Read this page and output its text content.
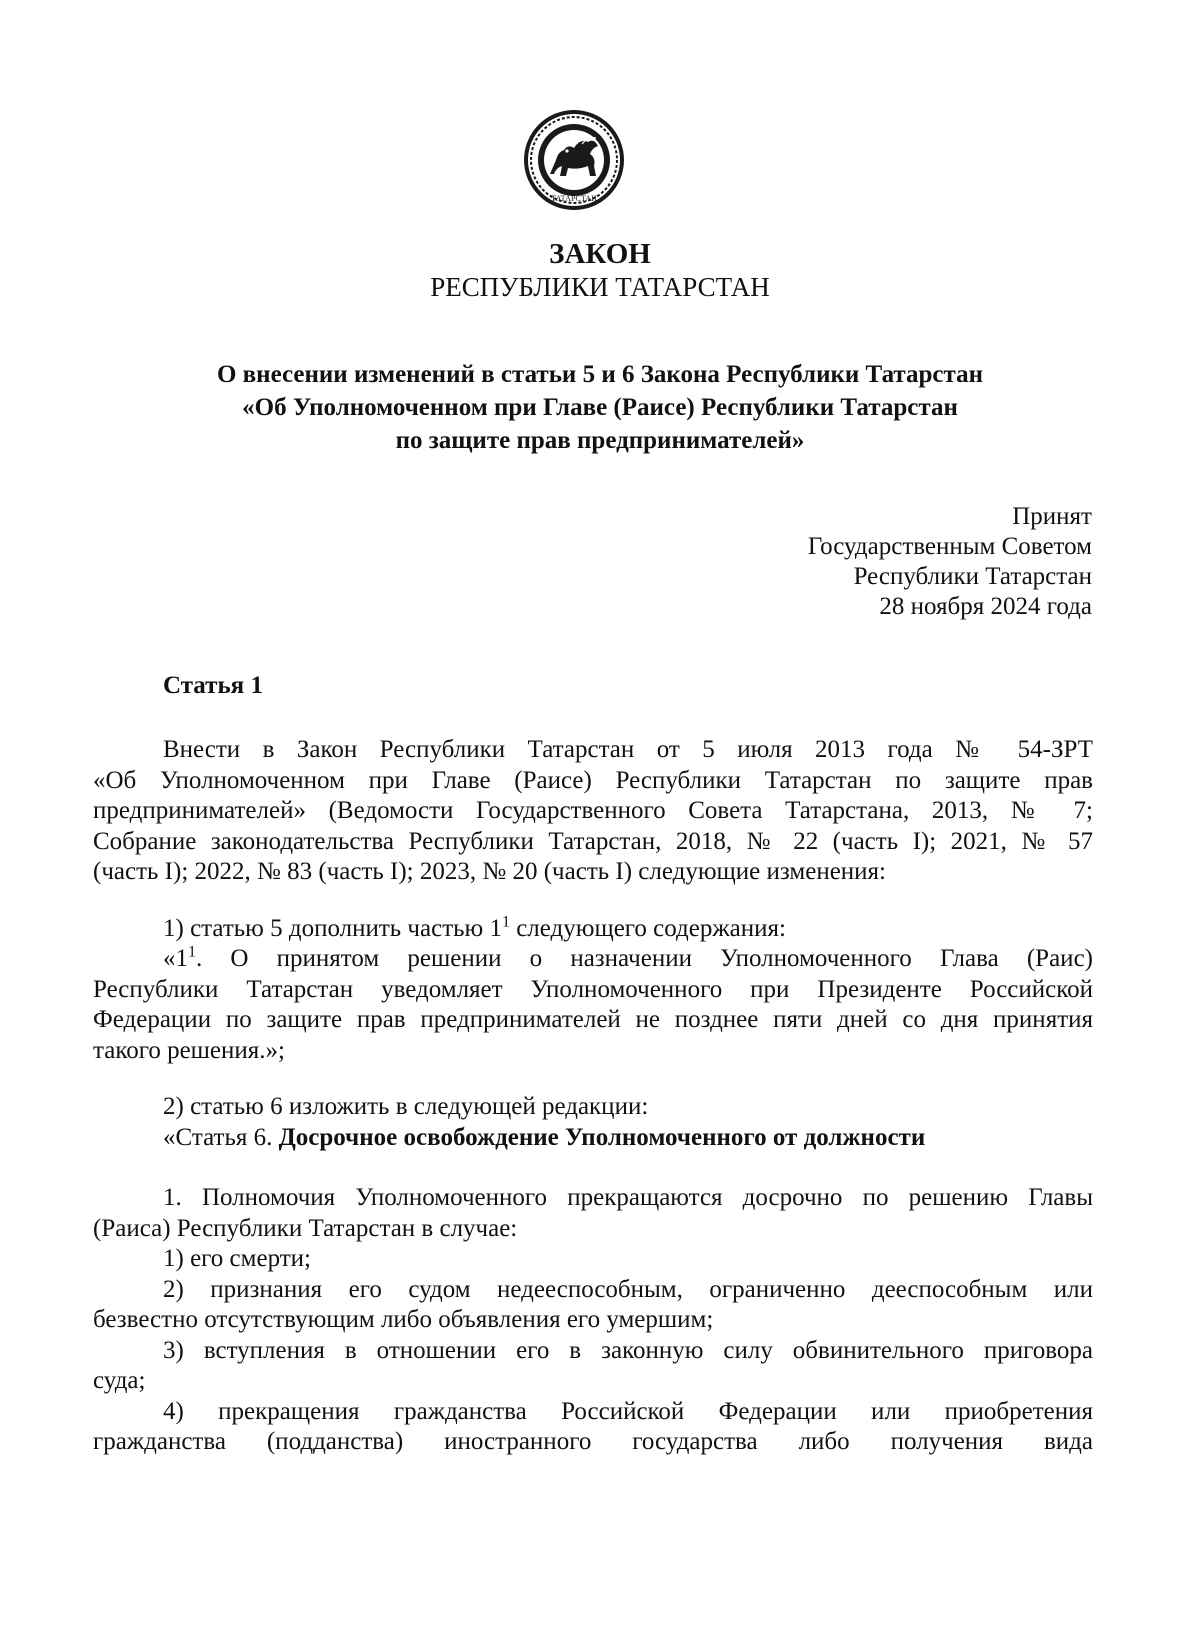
ТАТАРСТАН
ЗАКОН
РЕСПУБЛИКИ ТАТАРСТАН
О внесении изменений в статьи 5 и 6 Закона Республики Татарстан
«Об Уполномоченном при Главе (Раисе) Республики Татарстан
по защите прав предпринимателей»
Принят
Государственным Советом
Республики Татарстан
28 ноября 2024 года
Статья 1
Внести в Закон Республики Татарстан от 5 июля 2013 года № 54-ЗРТ
«Об Уполномоченном при Главе (Раисе) Республики Татарстан по защите прав
предпринимателей» (Ведомости Государственного Совета Татарстана, 2013, № 7;
Собрание законодательства Республики Татарстан, 2018, № 22 (часть I); 2021, № 57
(часть I); 2022, № 83 (часть I); 2023, № 20 (часть I) следующие изменения:
1) статью 5 дополнить частью $1^1$ следующего содержания:
«$1^1$. О принятом решении о назначении Уполномоченного Глава (Раис)
Республики Татарстан уведомляет Уполномоченного при Президенте Российской
Федерации по защите прав предпринимателей не позднее пяти дней со дня принятия
такого решения.»;
2) статью 6 изложить в следующей редакции:
«Статья 6. Досрочное освобождение Уполномоченного от должности
1. Полномочия Уполномоченного прекращаются досрочно по решению Главы
(Раиса) Республики Татарстан в случае:
1) его смерти;
2) признания его судом недееспособным, ограниченно дееспособным или
безвестно отсутствующим либо объявления его умершим;
3) вступления в отношении его в законную силу обвинительного приговора
суда;
4) прекращения гражданства Российской Федерации или приобретения
гражданства (подданства) иностранного государства либо получения вида
